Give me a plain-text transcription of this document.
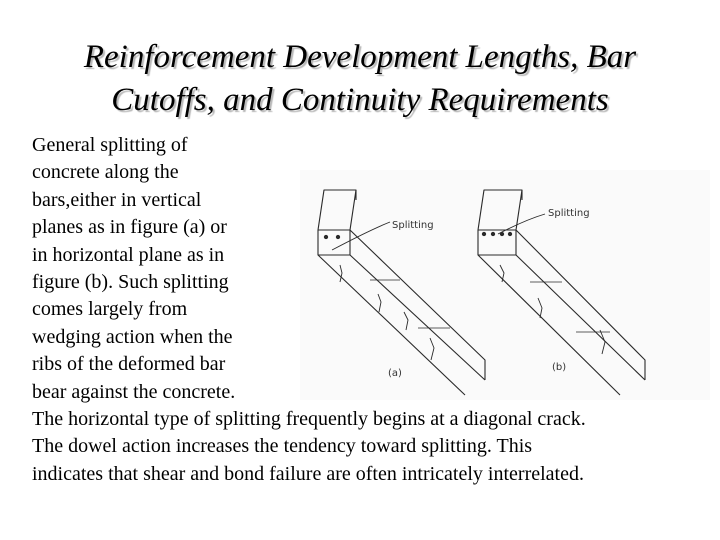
Reinforcement Development Lengths, Bar
Cutoffs, and Continuity Requirements
Splitting
Splitting
(a)
(b)
General splitting of
concrete along the
bars,either in vertical
planes as in figure (a) or
in horizontal plane as in
figure (b). Such splitting
comes largely from
wedging action when the
ribs of the deformed bar
bear against the concrete.
The horizontal type of splitting frequently begins at a diagonal crack.
The dowel action increases the tendency toward splitting. This
indicates that shear and bond failure are often intricately interrelated.
